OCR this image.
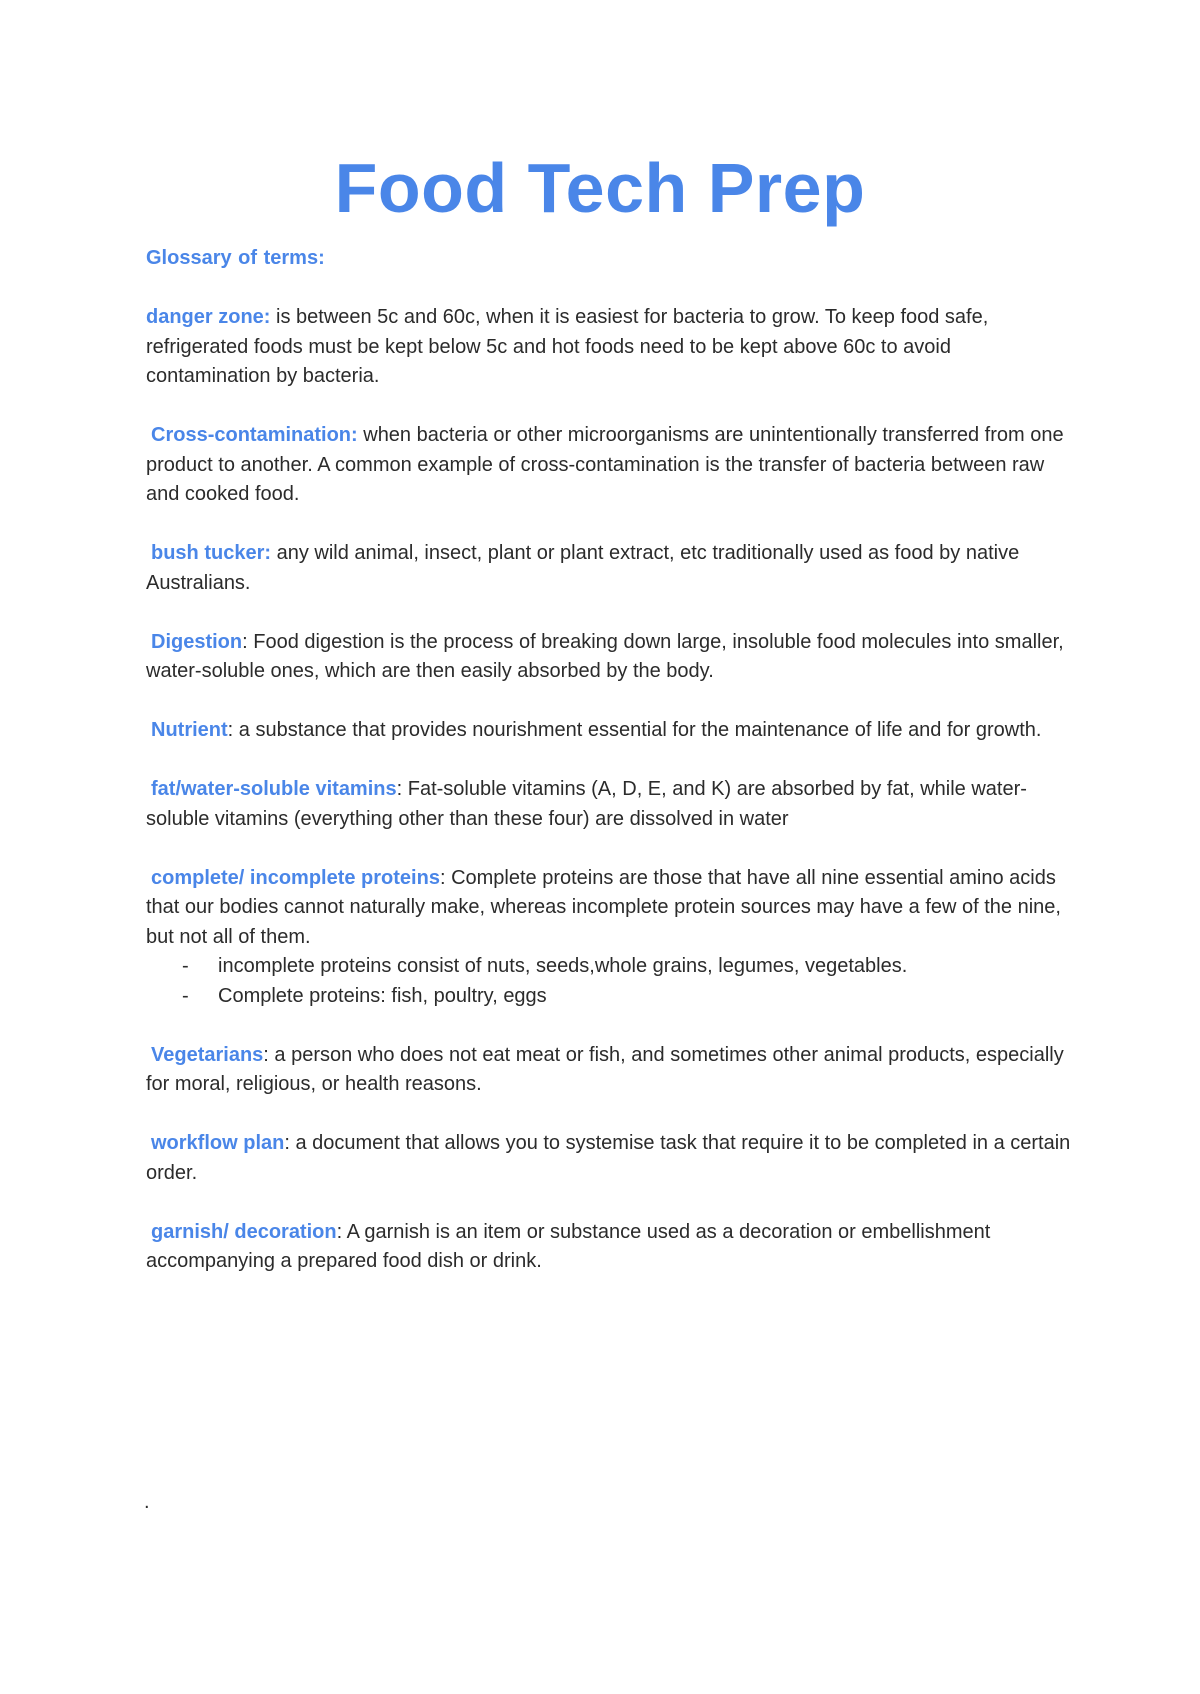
Food Tech Prep

Glossary of terms:

danger zone: is between 5c and 60c, when it is easiest for bacteria to grow. To keep food safe, refrigerated foods must be kept below 5c and hot foods need to be kept above 60c to avoid contamination by bacteria.

Cross-contamination: when bacteria or other microorganisms are unintentionally transferred from one product to another. A common example of cross-contamination is the transfer of bacteria between raw and cooked food.

bush tucker: any wild animal, insect, plant or plant extract, etc traditionally used as food by native Australians.

Digestion: Food digestion is the process of breaking down large, insoluble food molecules into smaller, water-soluble ones, which are then easily absorbed by the body.

Nutrient: a substance that provides nourishment essential for the maintenance of life and for growth.

fat/water-soluble vitamins: Fat-soluble vitamins (A, D, E, and K) are absorbed by fat, while water-soluble vitamins (everything other than these four) are dissolved in water

complete/ incomplete proteins: Complete proteins are those that have all nine essential amino acids that our bodies cannot naturally make, whereas incomplete protein sources may have a few of the nine, but not all of them.
- incomplete proteins consist of nuts, seeds,whole grains, legumes, vegetables.
- Complete proteins: fish, poultry, eggs

Vegetarians: a person who does not eat meat or fish, and sometimes other animal products, especially for moral, religious, or health reasons.

workflow plan: a document that allows you to systemise task that require it to be completed in a certain order.

garnish/ decoration: A garnish is an item or substance used as a decoration or embellishment accompanying a prepared food dish or drink.

.
